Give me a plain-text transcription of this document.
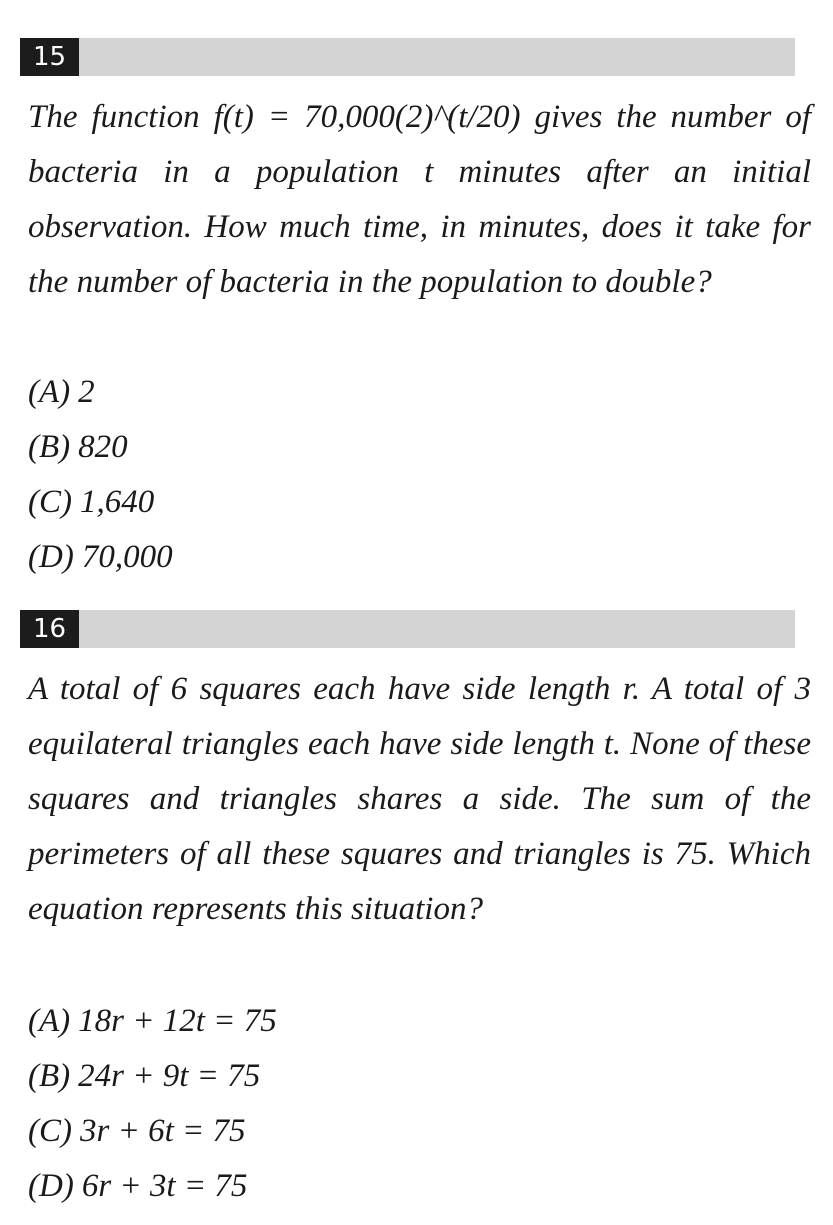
15

The function f(t) = 70,000(2)^(t/20) gives the number of bacteria in a population t minutes after an initial observation. How much time, in minutes, does it take for the number of bacteria in the population to double?

(A) 2
(B) 820
(C) 1,640
(D) 70,000
16

A total of 6 squares each have side length r. A total of 3 equilateral triangles each have side length t. None of these squares and triangles shares a side. The sum of the perimeters of all these squares and triangles is 75. Which equation represents this situation?

(A) 18r + 12t = 75
(B) 24r + 9t = 75
(C) 3r + 6t = 75
(D) 6r + 3t = 75
